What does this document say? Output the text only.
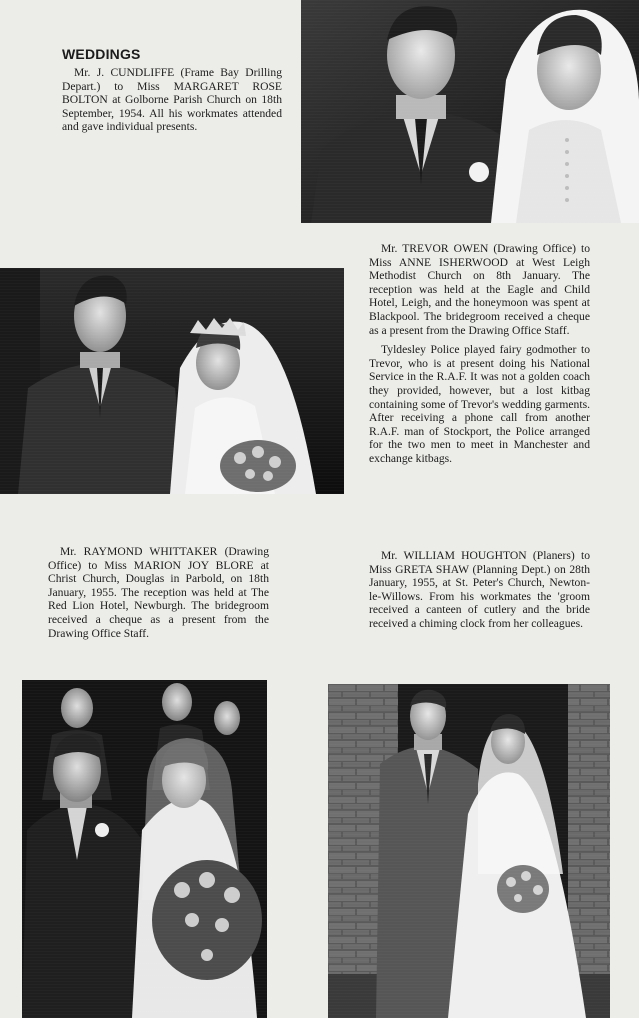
WEDDINGS

Mr. J. CUNDLIFFE (Frame Bay Drilling Depart.) to Miss MARGARET ROSE BOLTON at Golborne Parish Church on 18th September, 1954. All his workmates attended and gave individual presents.

Mr. TREVOR OWEN (Drawing Office) to Miss ANNE ISHERWOOD at West Leigh Methodist Church on 8th January. The reception was held at the Eagle and Child Hotel, Leigh, and the honeymoon was spent at Blackpool. The bridegroom received a cheque as a present from the Drawing Office Staff.

Tyldesley Police played fairy godmother to Trevor, who is at present doing his National Service in the R.A.F. It was not a golden coach they provided, however, but a lost kitbag containing some of Trevor's wedding garments. After receiving a phone call from another R.A.F. man of Stockport, the Police arranged for the two men to meet in Manchester and exchange kitbags.

Mr. RAYMOND WHITTAKER (Drawing Office) to Miss MARION JOY BLORE at Christ Church, Douglas in Parbold, on 18th January, 1955. The reception was held at The Red Lion Hotel, Newburgh. The bridegroom received a cheque as a present from the Drawing Office Staff.

Mr. WILLIAM HOUGHTON (Planers) to Miss GRETA SHAW (Planning Dept.) on 28th January, 1955, at St. Peter's Church, Newton-le-Willows. From his workmates the 'groom received a canteen of cutlery and the bride received a chiming clock from her colleagues.
